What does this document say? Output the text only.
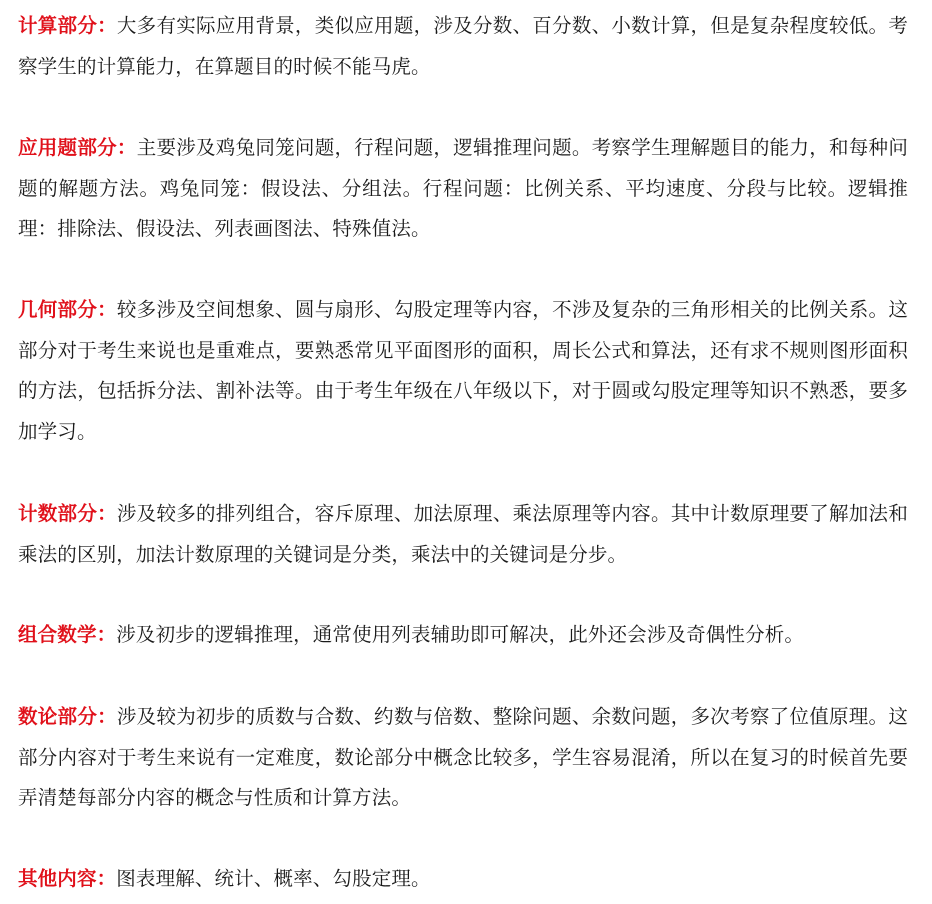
计算部分：大多有实际应用背景，类似应用题，涉及分数、百分数、小数计算，但是复杂程度较低。考察学生的计算能力，在算题目的时候不能马虎。

应用题部分：主要涉及鸡兔同笼问题，行程问题，逻辑推理问题。考察学生理解题目的能力，和每种问题的解题方法。鸡兔同笼：假设法、分组法。行程问题：比例关系、平均速度、分段与比较。逻辑推理：排除法、假设法、列表画图法、特殊值法。

几何部分：较多涉及空间想象、圆与扇形、勾股定理等内容，不涉及复杂的三角形相关的比例关系。这部分对于考生来说也是重难点，要熟悉常见平面图形的面积，周长公式和算法，还有求不规则图形面积的方法，包括拆分法、割补法等。由于考生年级在八年级以下，对于圆或勾股定理等知识不熟悉，要多加学习。

计数部分：涉及较多的排列组合，容斥原理、加法原理、乘法原理等内容。其中计数原理要了解加法和乘法的区别，加法计数原理的关键词是分类，乘法中的关键词是分步。

组合数学：涉及初步的逻辑推理，通常使用列表辅助即可解决，此外还会涉及奇偶性分析。

数论部分：涉及较为初步的质数与合数、约数与倍数、整除问题、余数问题，多次考察了位值原理。这部分内容对于考生来说有一定难度，数论部分中概念比较多，学生容易混淆，所以在复习的时候首先要弄清楚每部分内容的概念与性质和计算方法。

其他内容：图表理解、统计、概率、勾股定理。
